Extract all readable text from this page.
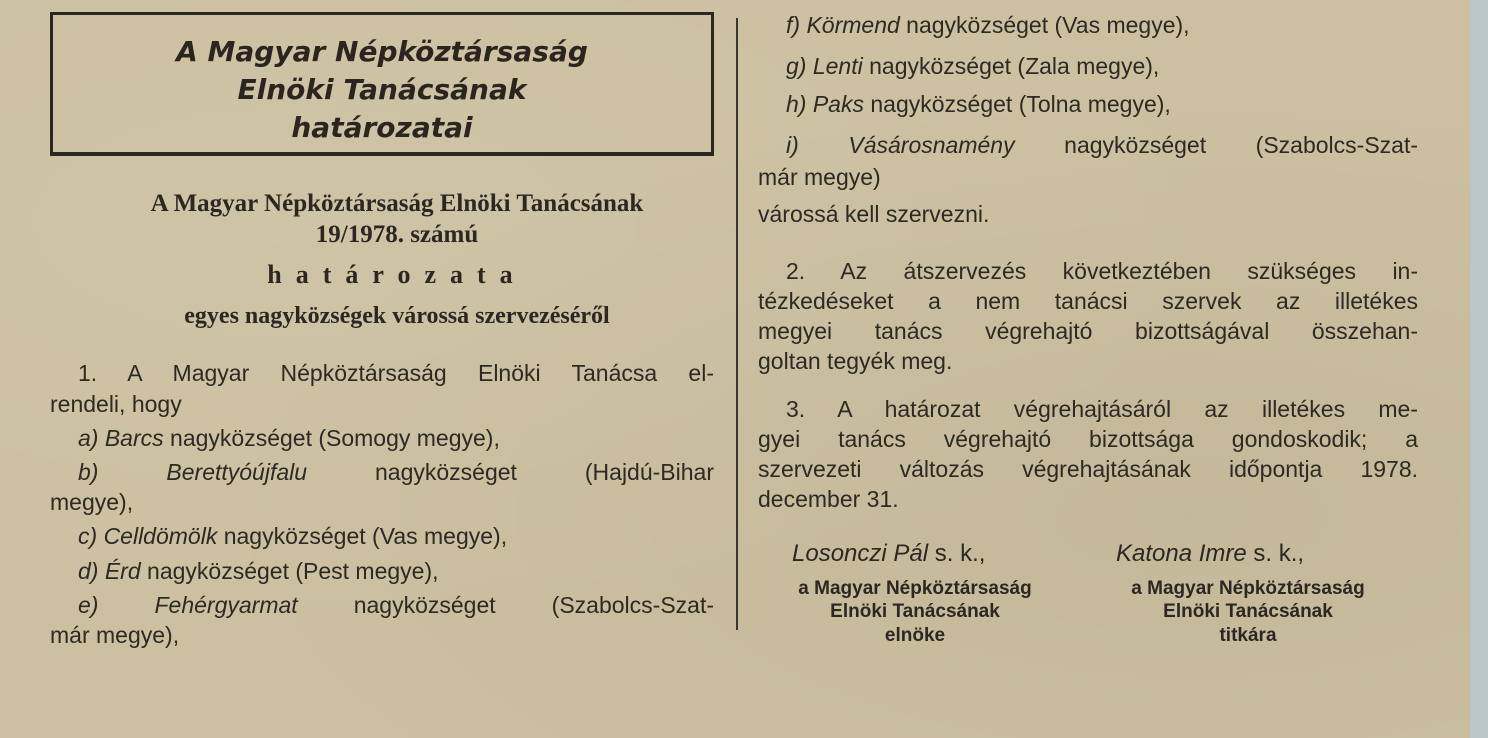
A Magyar Népköztársaság
Elnöki Tanácsának
határozatai
A Magyar Népköztársaság Elnöki Tanácsának
19/1978. számú
határozata
egyes nagyközségek várossá szervezéséről
1. A Magyar Népköztársaság Elnöki Tanácsa el-
rendeli, hogy
a) Barcs nagyközséget (Somogy megye),
b)	Berettyóújfalu nagyközséget (Hajdú-Bihar
megye),
c) Celldömölk nagyközséget (Vas megye),
d) Érd nagyközséget (Pest megye),
e) Fehérgyarmat nagyközséget (Szabolcs-Szat-
már megye),
f) Körmend nagyközséget (Vas megye),
g) Lenti nagyközséget (Zala megye),
h) Paks nagyközséget (Tolna megye),
i) Vásárosnamény nagyközséget (Szabolcs-Szat-
már megye)
várossá kell szervezni.
2. Az átszervezés következtében szükséges in-
tézkedéseket a nem tanácsi szervek az illetékes
megyei tanács végrehajtó bizottságával összehan-
goltan tegyék meg.
3. A határozat végrehajtásáról az illetékes me-
gyei tanács végrehajtó bizottsága gondoskodik; a
szervezeti változás végrehajtásának időpontja 1978.
december 31.
Losonczi Pál s. k.,
a Magyar Népköztársaság
Elnöki Tanácsának
elnöke
Katona Imre s. k.,
a Magyar Népköztársaság
Elnöki Tanácsának
titkára
